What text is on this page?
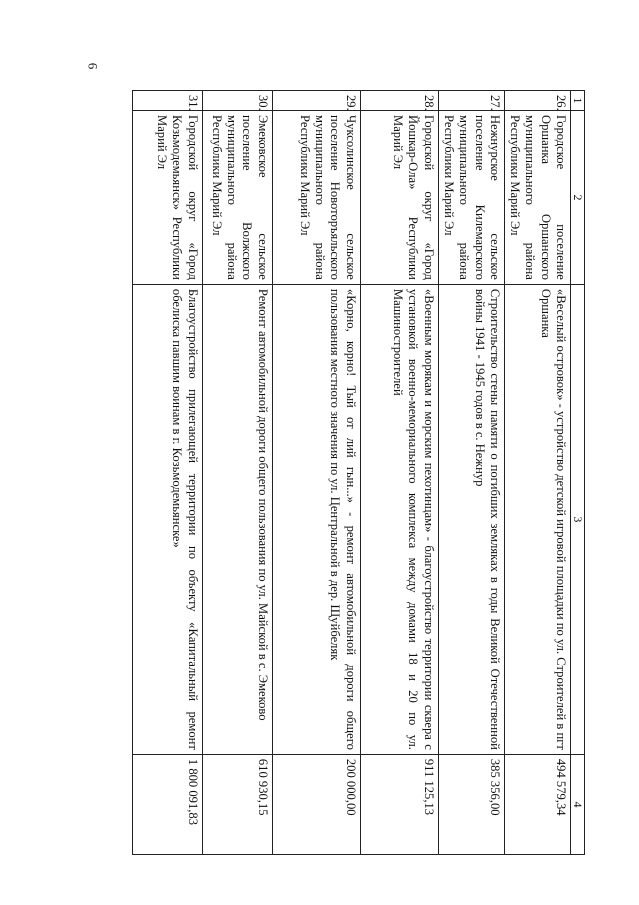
6
1	2	3	4
26.	Городское поселение Оршанка Оршанского муниципального района Республики Марий Эл	«Веселый островок» - устройство детской игровой площадки по ул. Строителей в пгт Оршанка	494 579,34
27.	Нежнурское сельское поселение Килемарского муниципального района Республики Марий Эл	Строительство стены памяти о погибших земляках в годы Великой Отечественной войны 1941 - 1945 годов в с. Нежнур	385 356,00
28.	Городской округ «Город Йошкар-Ола» Республики Марий Эл	«Военным морякам и морским пехотинцам» - благоустройство территории сквера с установкой военно-мемориального комплекса между домами 18 и 20 по ул. Машиностроителей	911 125,13
29.	Чуксолинское сельское поселение Новоторъяльского муниципального района Республики Марий Эл	«Корно, корно! Тый от лий гын...» - ремонт автомобильной дороги общего пользования местного значения по ул. Центральной в дер. Щуйбеляк	200 000,00
30.	Эмековское сельское поселение Волжского муниципального района Республики Марий Эл	Ремонт автомобильной дороги общего пользования по ул. Майской в с. Эмеково	610 930,15
31.	Городской округ «Город Козьмодемьянск» Республики Марий Эл	Благоустройство прилегающей территории по объекту «Капитальный ремонт обелиска павшим воинам в г. Козьмодемьянске»	1 800 091,83
